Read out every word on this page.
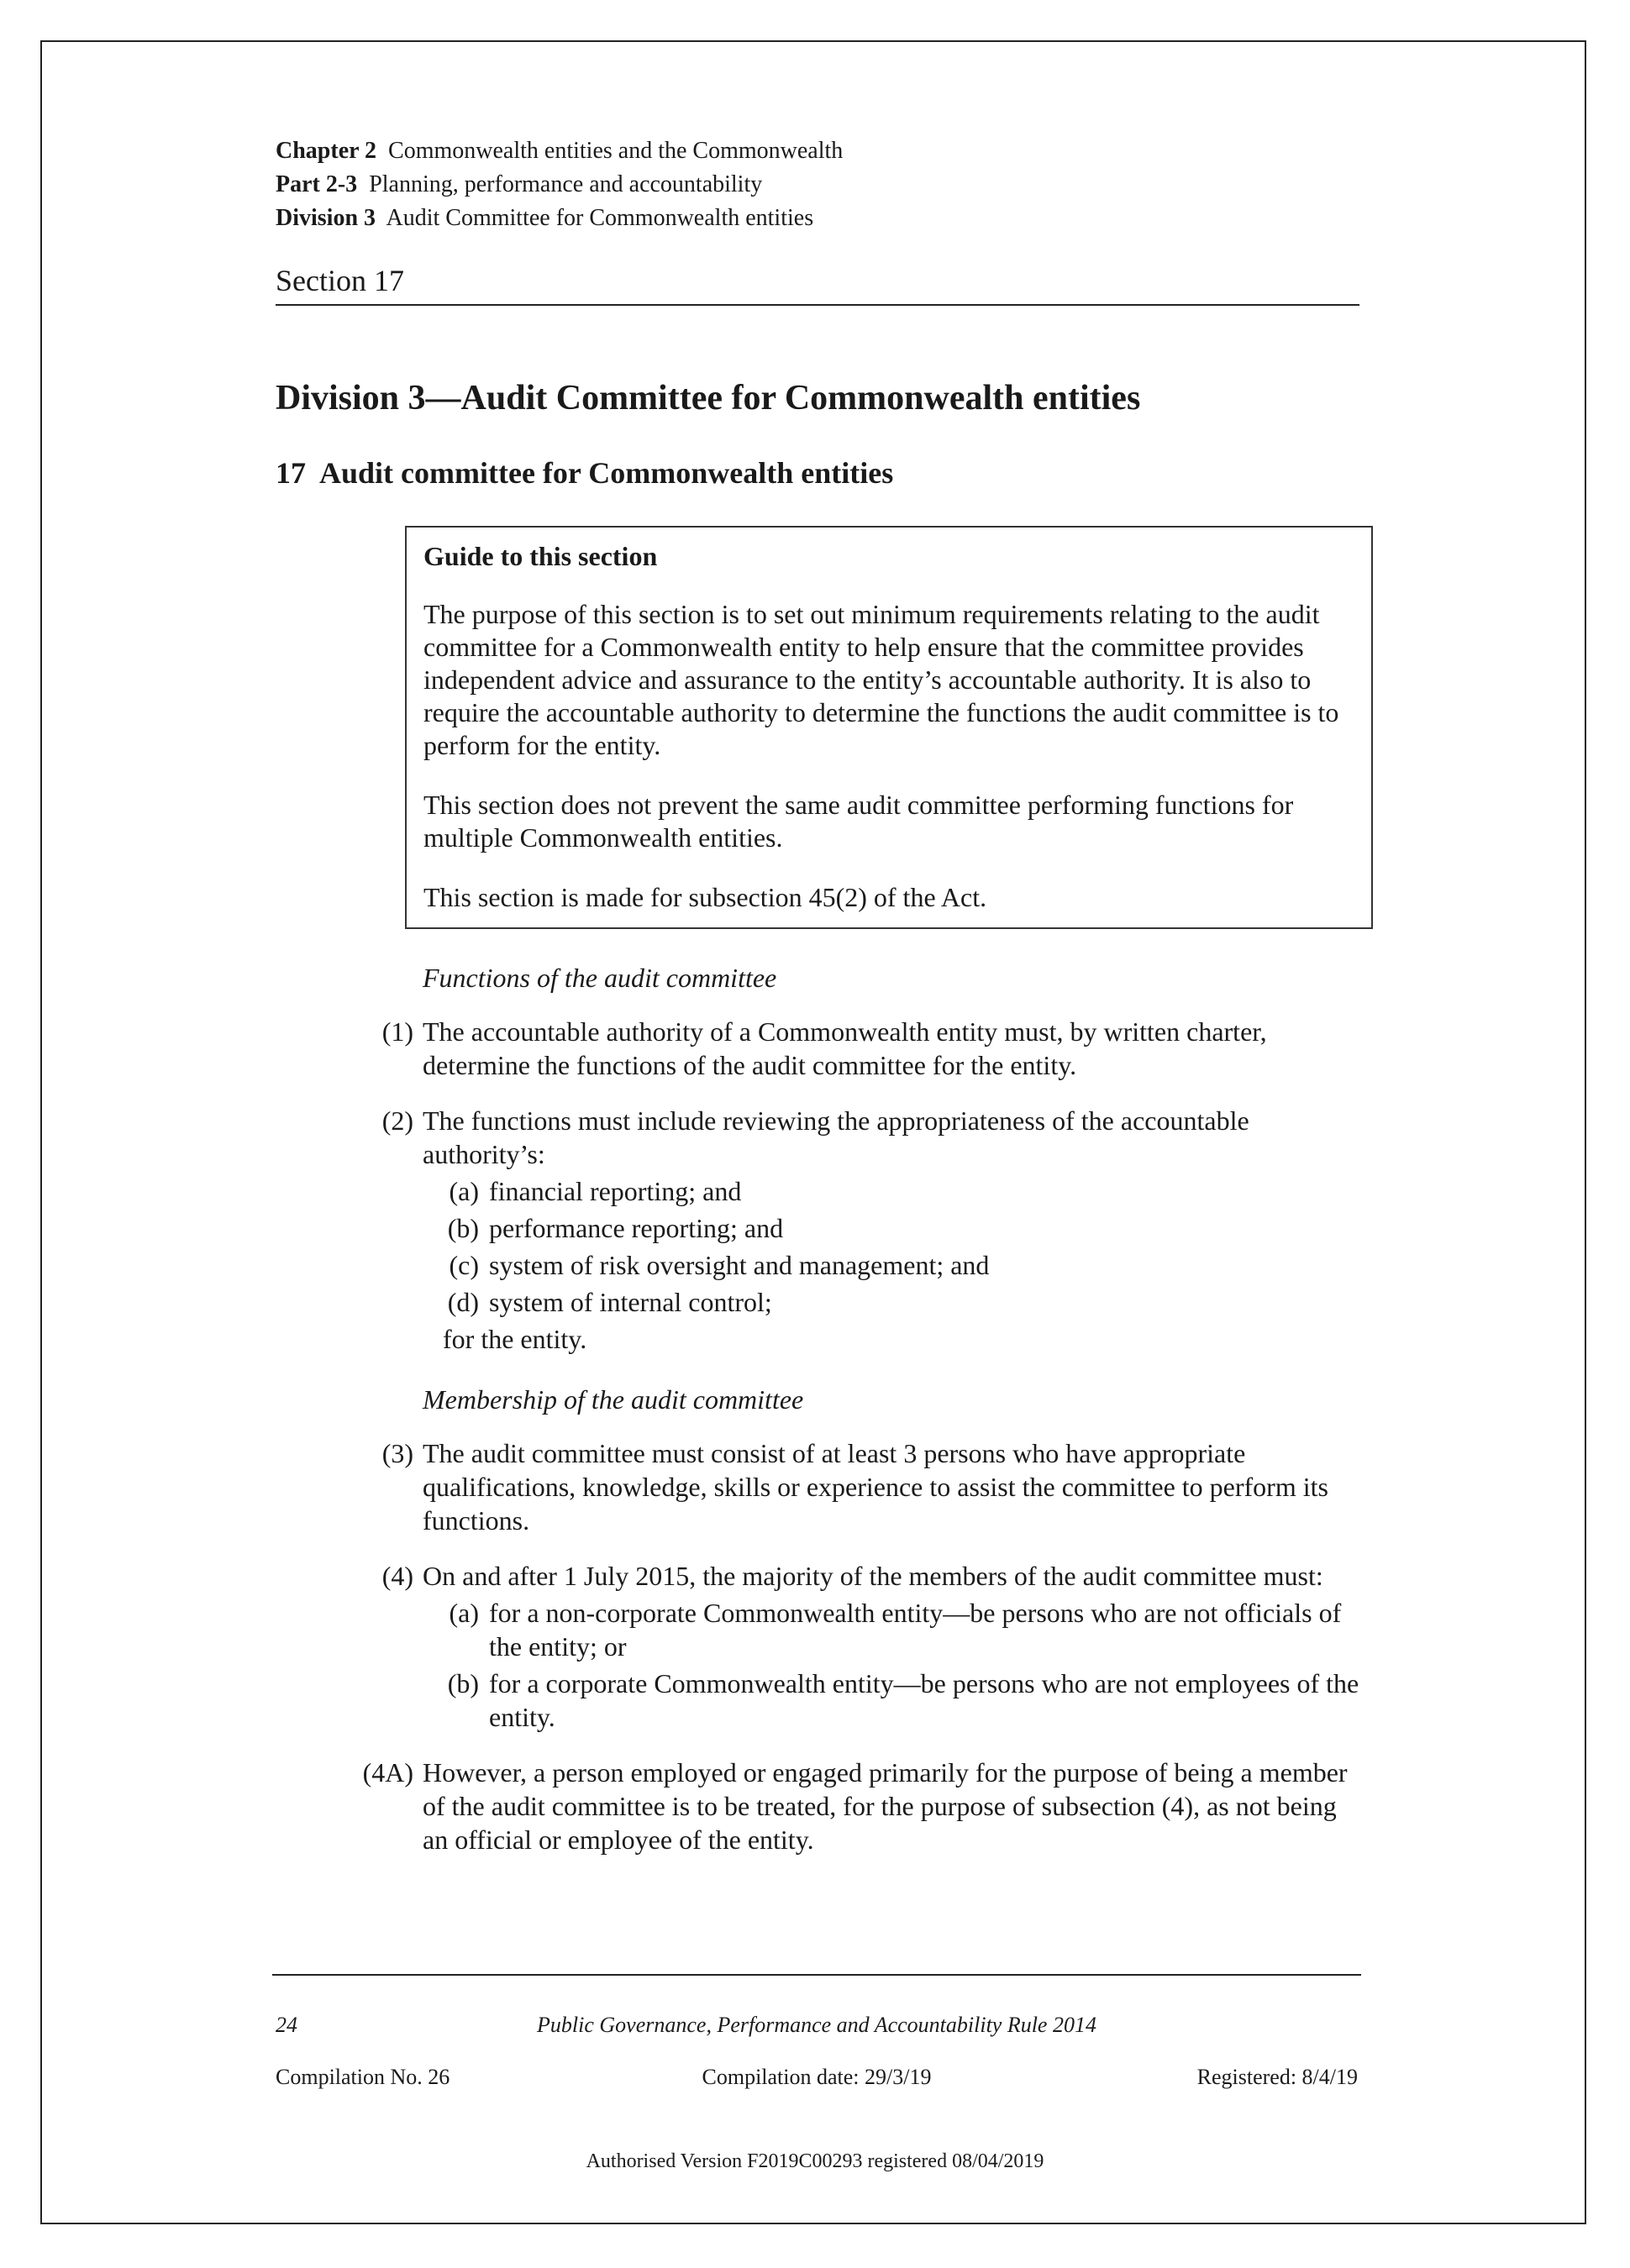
Chapter 2 Commonwealth entities and the Commonwealth
Part 2-3 Planning, performance and accountability
Division 3 Audit Committee for Commonwealth entities
Section 17
Division 3—Audit Committee for Commonwealth entities
17  Audit committee for Commonwealth entities
Guide to this section
The purpose of this section is to set out minimum requirements relating to the audit committee for a Commonwealth entity to help ensure that the committee provides independent advice and assurance to the entity’s accountable authority. It is also to require the accountable authority to determine the functions the audit committee is to perform for the entity.
This section does not prevent the same audit committee performing functions for multiple Commonwealth entities.
This section is made for subsection 45(2) of the Act.
Functions of the audit committee
(1) The accountable authority of a Commonwealth entity must, by written charter, determine the functions of the audit committee for the entity.
(2) The functions must include reviewing the appropriateness of the accountable authority’s:
(a) financial reporting; and
(b) performance reporting; and
(c) system of risk oversight and management; and
(d) system of internal control;
for the entity.
Membership of the audit committee
(3) The audit committee must consist of at least 3 persons who have appropriate qualifications, knowledge, skills or experience to assist the committee to perform its functions.
(4) On and after 1 July 2015, the majority of the members of the audit committee must:
(a) for a non-corporate Commonwealth entity—be persons who are not officials of the entity; or
(b) for a corporate Commonwealth entity—be persons who are not employees of the entity.
(4A) However, a person employed or engaged primarily for the purpose of being a member of the audit committee is to be treated, for the purpose of subsection (4), as not being an official or employee of the entity.
24	Public Governance, Performance and Accountability Rule 2014
Compilation No. 26	Compilation date: 29/3/19	Registered: 8/4/19
Authorised Version F2019C00293 registered 08/04/2019
